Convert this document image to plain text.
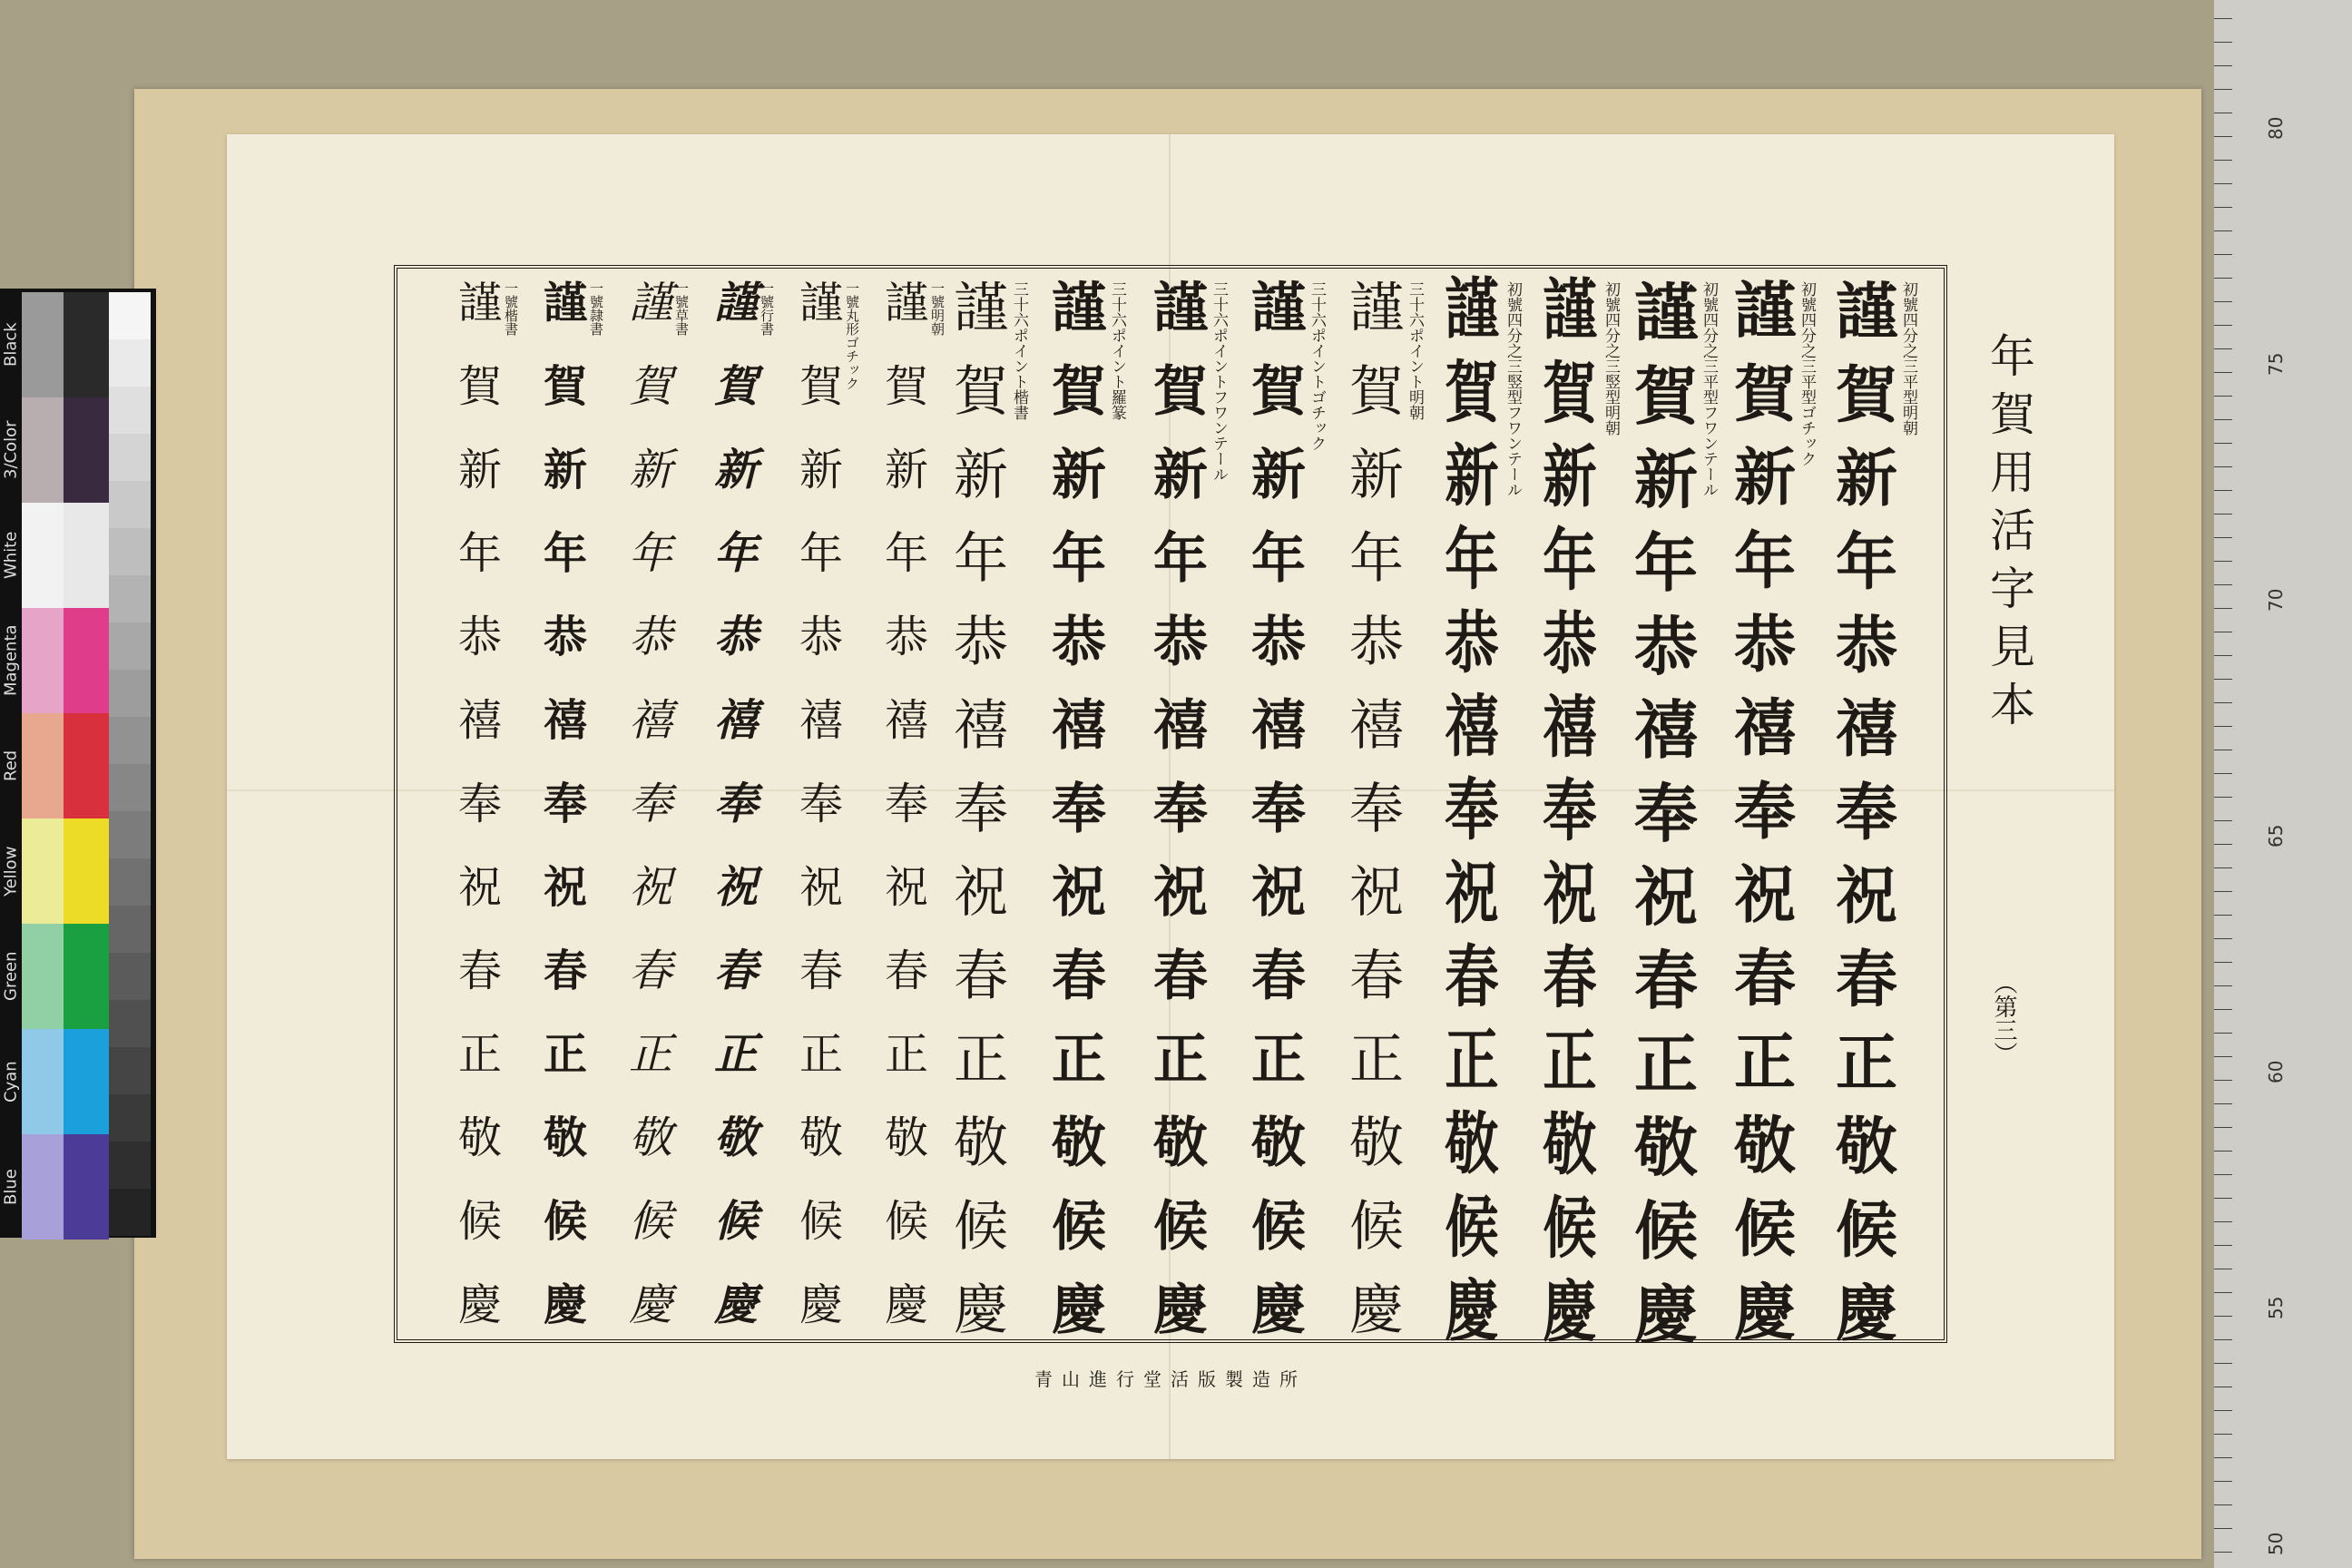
初號四分之三平型明朝
謹
賀
新
年
恭
禧
奉
祝
春
正
敬
候
慶
初號四分之三平型ゴチック
謹
賀
新
年
恭
禧
奉
祝
春
正
敬
候
慶
初號四分之三平型フワンテール
謹
賀
新
年
恭
禧
奉
祝
春
正
敬
候
慶
初號四分之三竪型明朝
謹
賀
新
年
恭
禧
奉
祝
春
正
敬
候
慶
初號四分之三竪型フワンテール
謹
賀
新
年
恭
禧
奉
祝
春
正
敬
候
慶
三十六ポイント明朝
謹
賀
新
年
恭
禧
奉
祝
春
正
敬
候
慶
三十六ポイントゴチック
謹
賀
新
年
恭
禧
奉
祝
春
正
敬
候
慶
三十六ポイントフワンテール
謹
賀
新
年
恭
禧
奉
祝
春
正
敬
候
慶
三十六ポイント羅篆
謹
賀
新
年
恭
禧
奉
祝
春
正
敬
候
慶
三十六ポイント楷書
謹
賀
新
年
恭
禧
奉
祝
春
正
敬
候
慶
一號明朝
謹
賀
新
年
恭
禧
奉
祝
春
正
敬
候
慶
一號丸形ゴチック
謹
賀
新
年
恭
禧
奉
祝
春
正
敬
候
慶
一號行書
謹
賀
新
年
恭
禧
奉
祝
春
正
敬
候
慶
一號草書
謹
賀
新
年
恭
禧
奉
祝
春
正
敬
候
慶
一號隷書
謹
賀
新
年
恭
禧
奉
祝
春
正
敬
候
慶
一號楷書
謹
賀
新
年
恭
禧
奉
祝
春
正
敬
候
慶
年賀用活字見本
（第三）
青山進行堂活版製造所
Black
3/Color
White
Magenta
Red
Yellow
Green
Cyan
Blue
80
75
70
65
60
55
50
